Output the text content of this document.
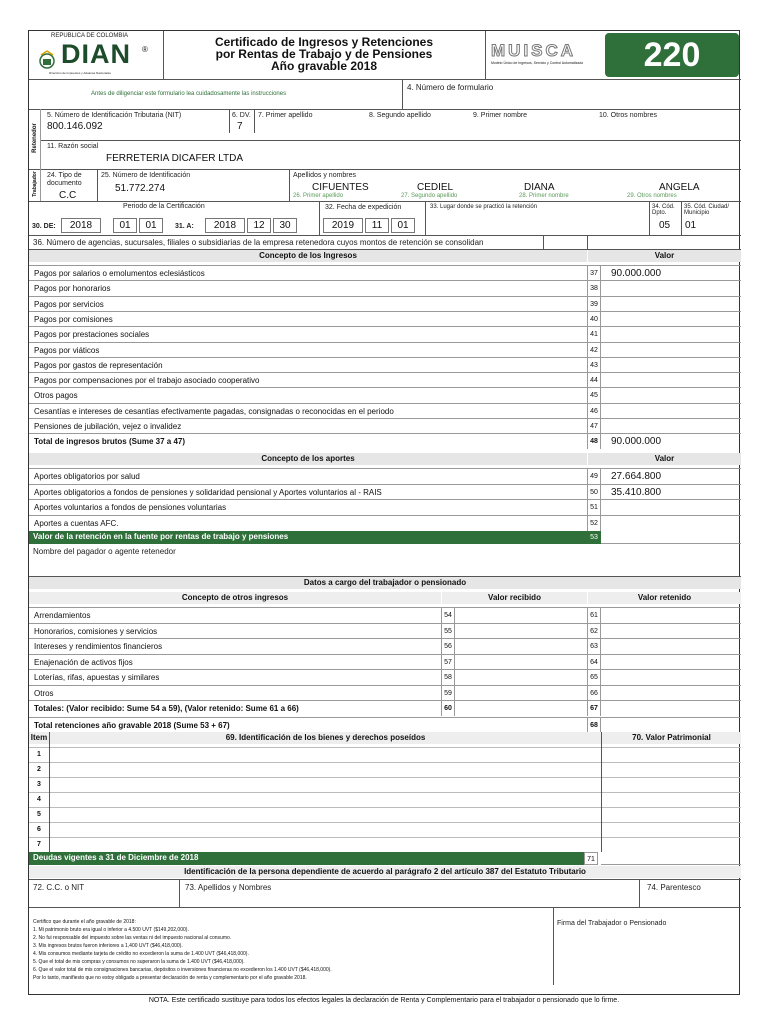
REPUBLICA DE COLOMBIA
DIAN ®
Dirección de Impuestos y Aduanas Nacionales
Certificado de Ingresos y Retenciones
por Rentas de Trabajo y de Pensiones
Año gravable 2018
MUISCA
Modelo Único de Ingresos, Servicio y Control Automatizado	220
Antes de diligenciar este formulario lea cuidadosamente las instrucciones
4. Número de formulario
Retenedor
5. Número de Identificación Tributaria (NIT)
800.146.092
6. DV.
7
7. Primer apellido	8. Segundo apellido	9. Primer nombre	10. Otros nombres
11. Razón social
FERRETERIA DICAFER LTDA
Trabajador 24. Tipo de documento
C.C
25. Número de Identificación
51.772.274
Apellidos y nombres
CIFUENTES	CEDIEL	DIANA	ANGELA
26. Primer apellido	27. Segundo apellido	28. Primer nombre	29. Otros nombres
Periodo de la Certificación
30. DE:	2018	01	01	31. A:	2018	12	30
32. Fecha de expedición
2019	11	01
33. Lugar donde se practicó la retención	34. Cód. Dpto.
05
35. Cód. Ciudad/ Municipio
01
36. Número de agencias, sucursales, filiales o subsidiarias de la empresa retenedora cuyos montos de retención se consolidan
Concepto de los Ingresos	Valor
Pagos por salarios o emolumentos eclesiásticos	37	90.000.000
Pagos por honorarios	38
Pagos por servicios	39
Pagos por comisiones	40
Pagos por prestaciones sociales	41
Pagos por viáticos	42
Pagos por gastos de representación	43
Pagos por compensaciones por el trabajo asociado cooperativo	44
Otros pagos	45
Cesantías e intereses de cesantías efectivamente pagadas, consignadas o reconocidas en el periodo	46
Pensiones de jubilación, vejez o invalidez	47
Total de ingresos brutos (Sume 37 a 47)	48	90.000.000
Concepto de los aportes	Valor
Aportes obligatorios por salud	49	27.664.800
Aportes obligatorios a fondos de pensiones y solidaridad pensional y Aportes voluntarios al - RAIS	50	35.410.800
Aportes voluntarios a fondos de pensiones voluntarias	51
Aportes a cuentas AFC.	52
Valor de la retención en la fuente por rentas de trabajo y pensiones	53
Nombre del pagador o agente retenedor
Datos a cargo del trabajador o pensionado
Concepto de otros ingresos	Valor recibido	Valor retenido
Arrendamientos	54	61
Honorarios, comisiones y servicios	55	62
Intereses y rendimientos financieros	56	63
Enajenación de activos fijos	57	64
Loterías, rifas, apuestas y similares	58	65
Otros	59	66
Totales: (Valor recibido: Sume 54 a 59), (Valor retenido: Sume 61 a 66)	60	67
Total retenciones año gravable 2018 (Sume 53 + 67)	68
Item	69. Identificación de los bienes y derechos poseídos	70. Valor Patrimonial
1
2
3
4
5
6
7
Deudas vigentes a 31 de Diciembre de 2018	71
Identificación de la persona dependiente de acuerdo al parágrafo 2 del artículo 387 del Estatuto Tributario
72. C.C. o NIT	73. Apellidos y Nombres	74. Parentesco
Certifico que durante el año gravable de 2018:
1. Mi patrimonio bruto era igual o inferior a 4.500 UVT ($149,202,000).
2. No fui responsable del impuesto sobre las ventas ni del impuesto nacional al consumo.
3. Mis ingresos brutos fueron inferiores a 1,400 UVT ($46,418,000).
4. Mis consumos mediante tarjeta de crédito no excedieron la suma de 1.400 UVT ($46,418,000).
5. Que el total de mis compras y consumos no superaron la suma de 1.400 UVT ($46,418,000).
6. Que el valor total de mis consignaciones bancarias, depósitos o inversiones financieras no excedieron los 1.400 UVT ($46,418,000).
Por lo tanto, manifiesto que no estoy obligado a presentar declaración de renta y complementario por el año gravable 2018.
Firma del Trabajador o Pensionado
NOTA. Este certificado sustituye para todos los efectos legales la declaración de Renta y Complementario para el trabajador o pensionado que lo firme.
